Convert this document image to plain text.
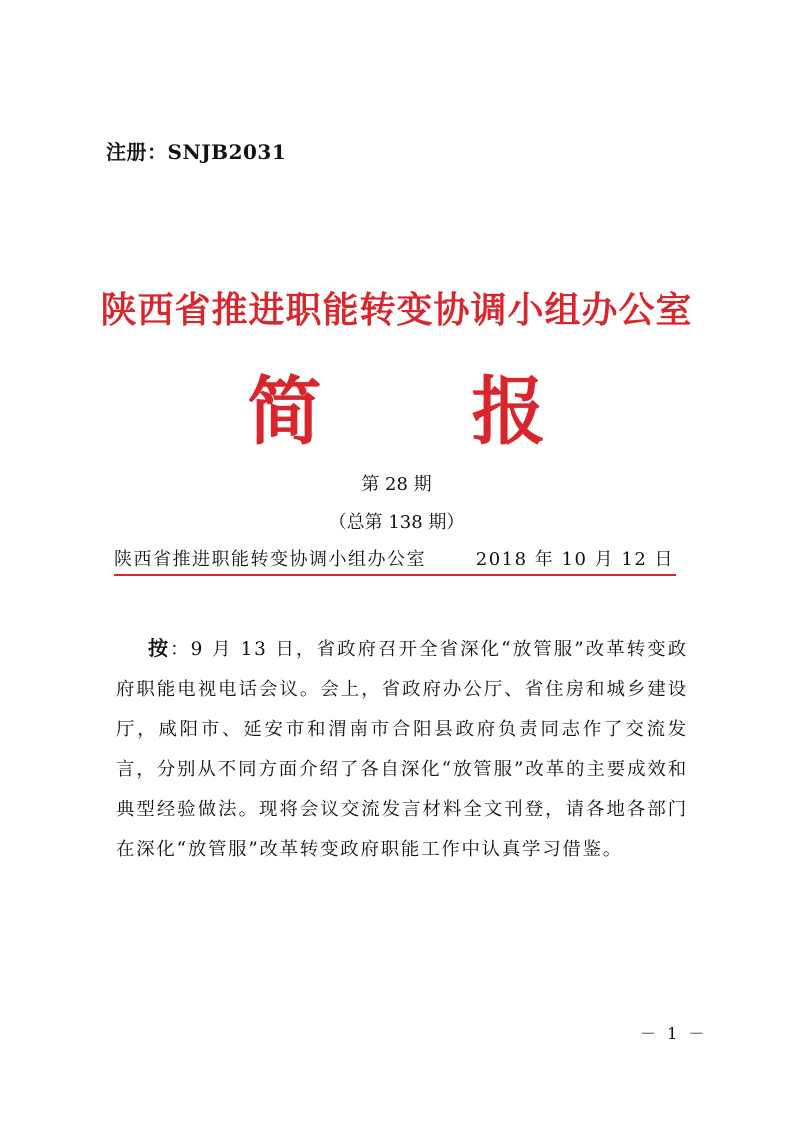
注册：SNJB2031
陕西省推进职能转变协调小组办公室
简 报
第 28 期
（总第 138 期）
陕西省推进职能转变协调小组办公室	2018 年 10 月 12 日
按：9 月 13 日，省政府召开全省深化“放管服”改革转变政府职能电视电话会议。会上，省政府办公厅、省住房和城乡建设厅，咸阳市、延安市和渭南市合阳县政府负责同志作了交流发言，分别从不同方面介绍了各自深化“放管服”改革的主要成效和典型经验做法。现将会议交流发言材料全文刊登，请各地各部门在深化“放管服”改革转变政府职能工作中认真学习借鉴。
－ 1 －
